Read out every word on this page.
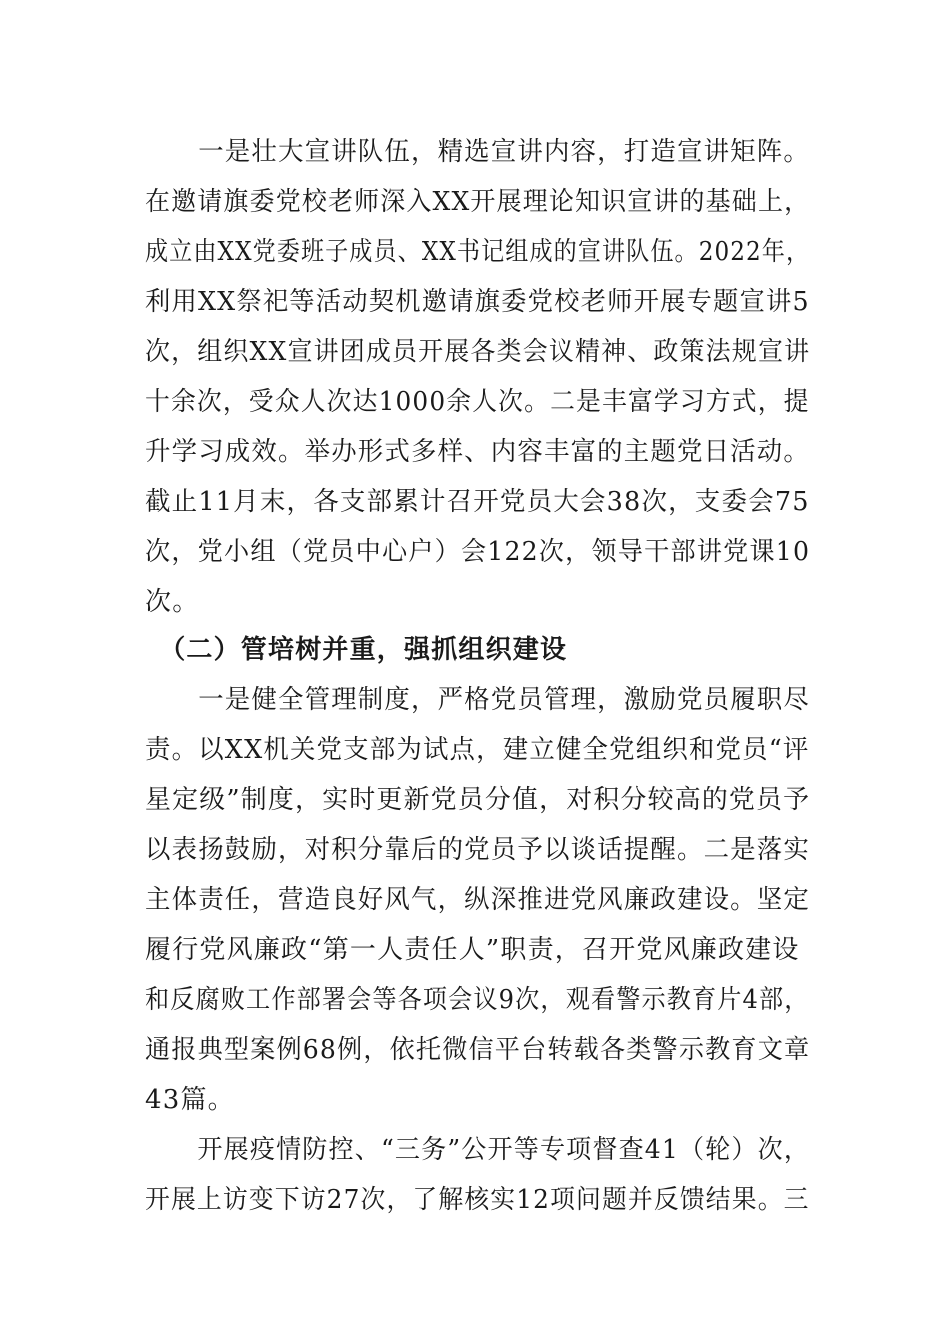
　　一是壮大宣讲队伍，精选宣讲内容，打造宣讲矩阵。
在邀请旗委党校老师深入XX开展理论知识宣讲的基础上，
成立由XX党委班子成员、XX书记组成的宣讲队伍。2022年，
利用XX祭祀等活动契机邀请旗委党校老师开展专题宣讲5
次，组织XX宣讲团成员开展各类会议精神、政策法规宣讲
十余次，受众人次达1000余人次。二是丰富学习方式，提
升学习成效。举办形式多样、内容丰富的主题党日活动。
截止11月末，各支部累计召开党员大会38次，支委会75
次，党小组（党员中心户）会122次，领导干部讲党课10
次。
　（二）管培树并重，强抓组织建设
　　一是健全管理制度，严格党员管理，激励党员履职尽
责。以XX机关党支部为试点，建立健全党组织和党员“评
星定级”制度，实时更新党员分值，对积分较高的党员予
以表扬鼓励，对积分靠后的党员予以谈话提醒。二是落实
主体责任，营造良好风气，纵深推进党风廉政建设。坚定
履行党风廉政“第一人责任人”职责，召开党风廉政建设
和反腐败工作部署会等各项会议9次，观看警示教育片4部，
通报典型案例68例，依托微信平台转载各类警示教育文章
43篇。
　　开展疫情防控、“三务”公开等专项督查41（轮）次，
开展上访变下访27次，了解核实12项问题并反馈结果。三
